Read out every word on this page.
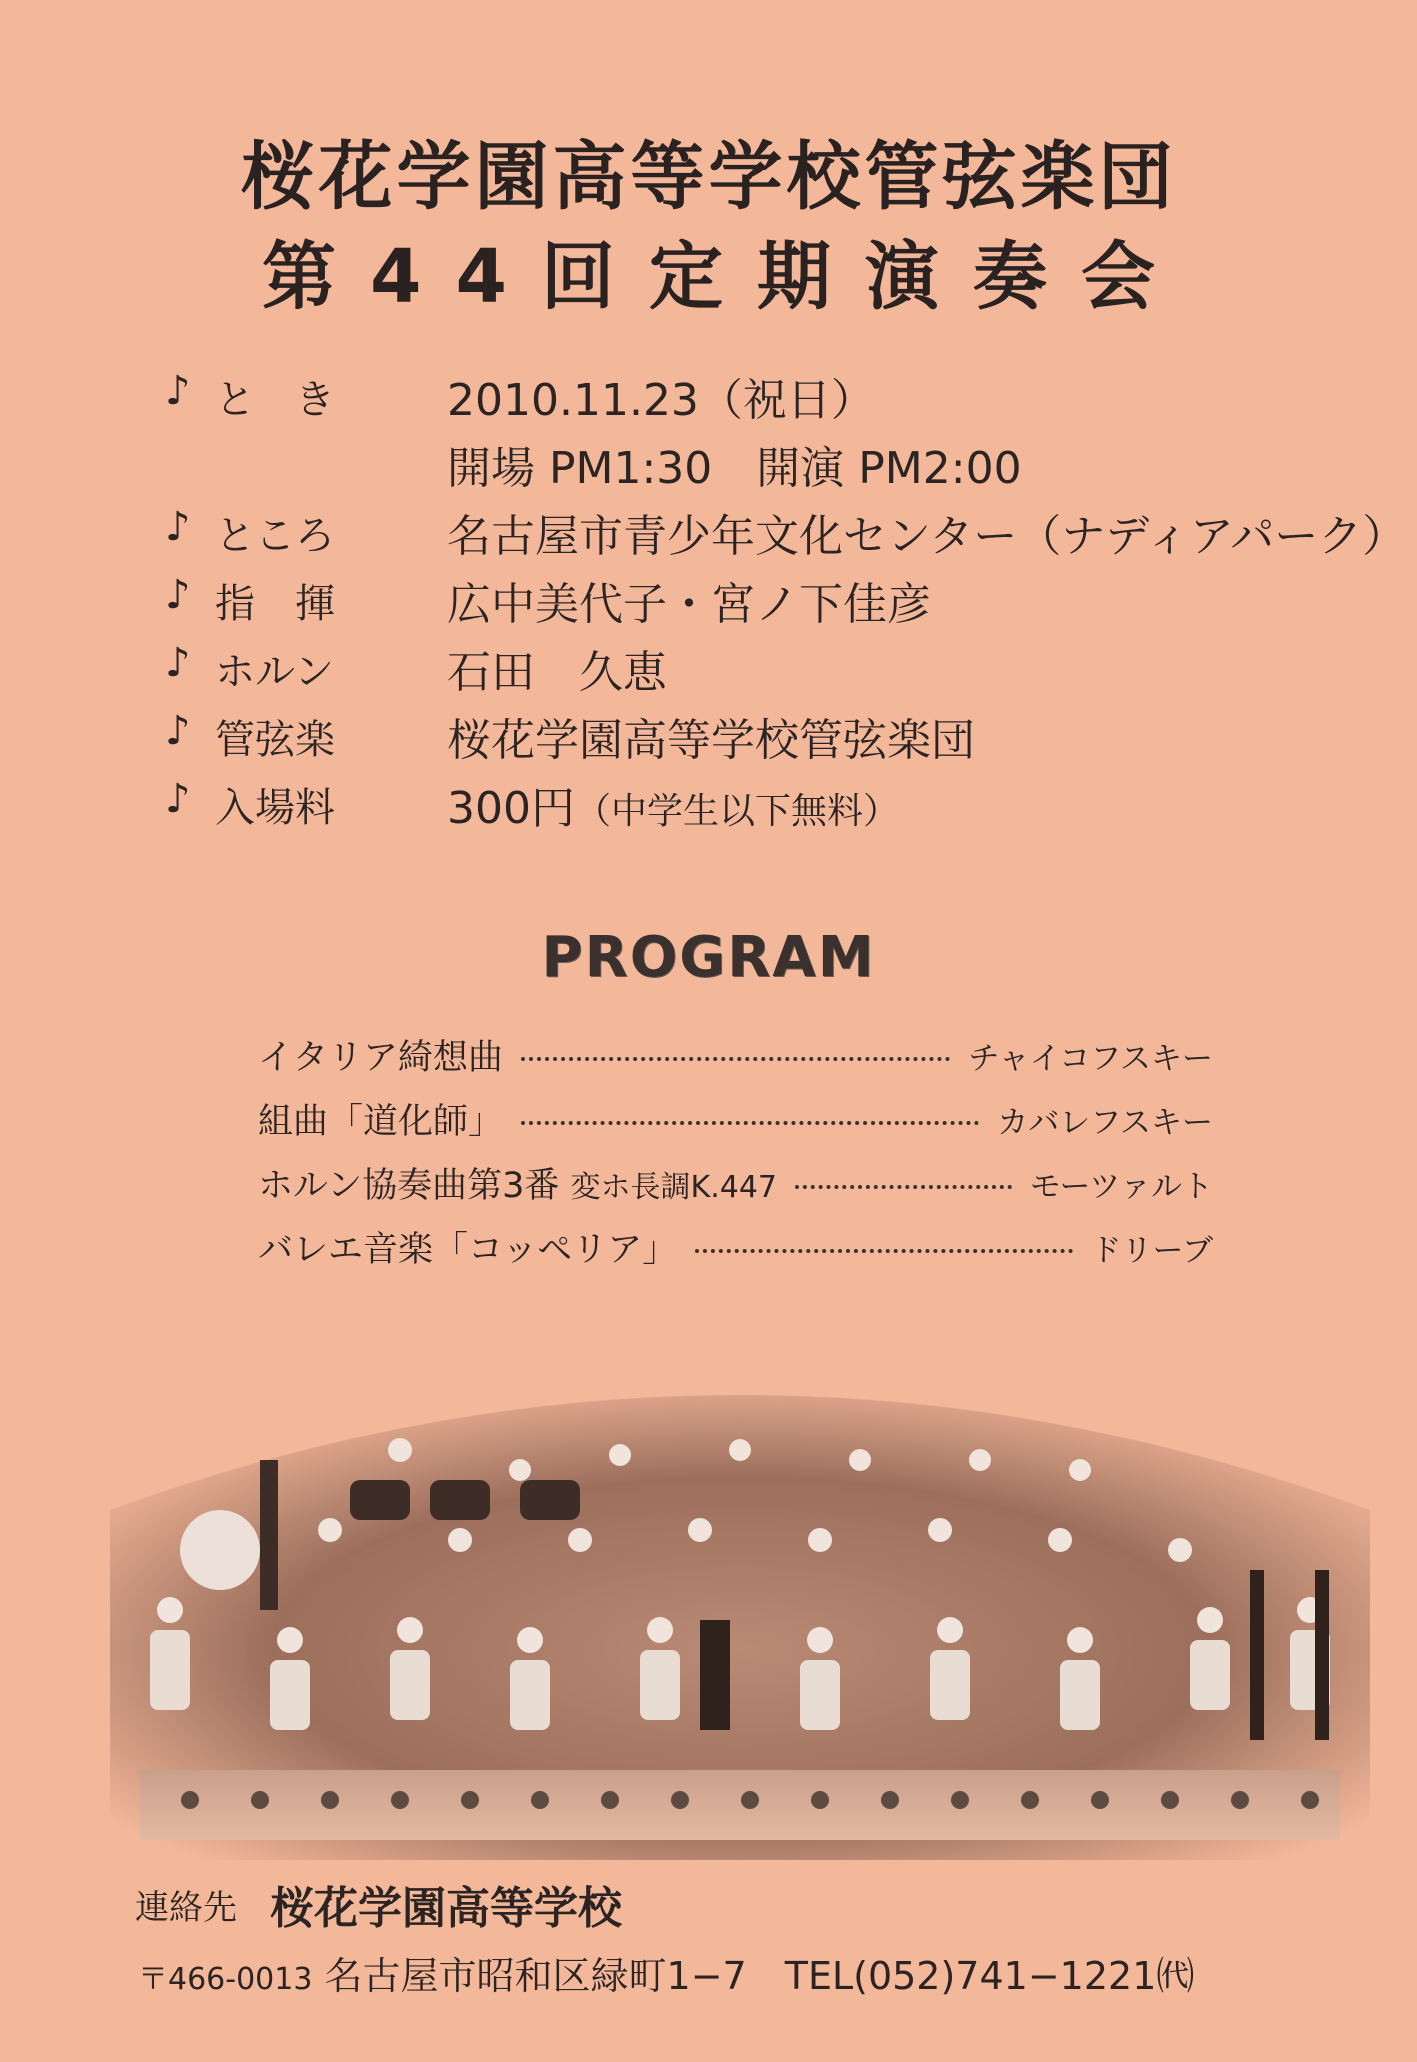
桜花学園高等学校管弦楽団
第44回定期演奏会
♪ と　き	2010.11.23（祝日）
開場 PM1:30　開演 PM2:00
♪ ところ	名古屋市青少年文化センター（ナディアパーク）
♪ 指　揮	広中美代子・宮ノ下佳彦
♪ ホルン	石田　久恵
♪ 管弦楽	桜花学園高等学校管弦楽団
♪ 入場料	300円（中学生以下無料）
PROGRAM
イタリア綺想曲	チャイコフスキー
組曲「道化師」	カバレフスキー
ホルン協奏曲第3番 変ホ長調K.447	モーツァルト
バレエ音楽「コッペリア」	ドリーブ
連絡先 桜花学園高等学校
〒466-0013 名古屋市昭和区緑町1−7　TEL(052)741−1221㈹
